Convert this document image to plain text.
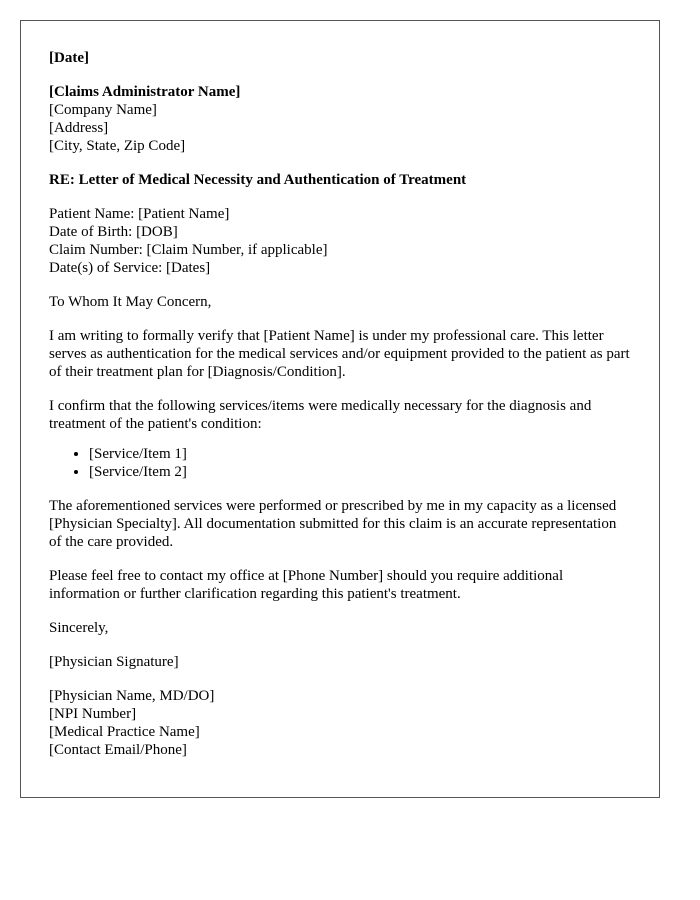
[Date]

[Claims Administrator Name]
[Company Name]
[Address]
[City, State, Zip Code]

RE: Letter of Medical Necessity and Authentication of Treatment

Patient Name: [Patient Name]
Date of Birth: [DOB]
Claim Number: [Claim Number, if applicable]
Date(s) of Service: [Dates]

To Whom It May Concern,

I am writing to formally verify that [Patient Name] is under my professional care. This letter serves as authentication for the medical services and/or equipment provided to the patient as part of their treatment plan for [Diagnosis/Condition].

I confirm that the following services/items were medically necessary for the diagnosis and treatment of the patient's condition:

• [Service/Item 1]
• [Service/Item 2]

The aforementioned services were performed or prescribed by me in my capacity as a licensed [Physician Specialty]. All documentation submitted for this claim is an accurate representation of the care provided.

Please feel free to contact my office at [Phone Number] should you require additional information or further clarification regarding this patient's treatment.

Sincerely,

[Physician Signature]

[Physician Name, MD/DO]
[NPI Number]
[Medical Practice Name]
[Contact Email/Phone]
